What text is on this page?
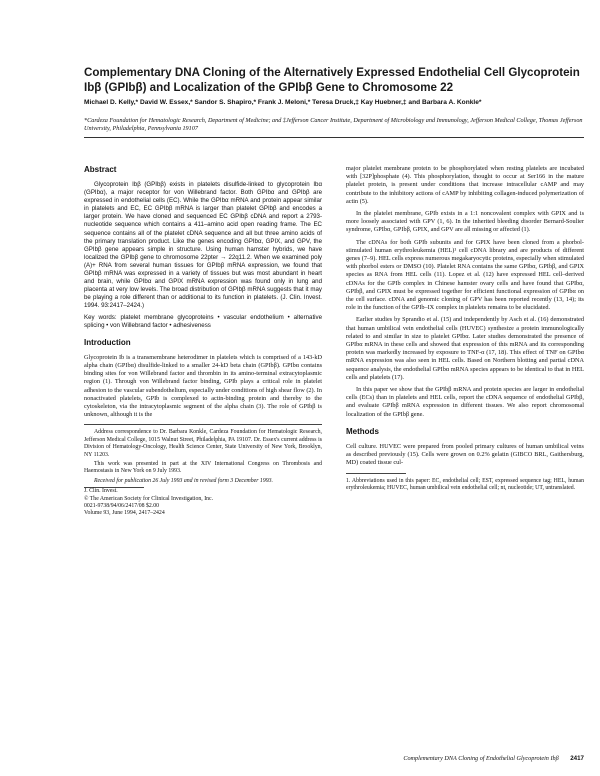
Complementary DNA Cloning of the Alternatively Expressed Endothelial Cell Glycoprotein Ibβ (GPIbβ) and Localization of the GPIbβ Gene to Chromosome 22
Michael D. Kelly,* David W. Essex,* Sandor S. Shapiro,* Frank J. Meloni,* Teresa Druck,‡ Kay Huebner,‡ and Barbara A. Konkle*
*Cardeza Foundation for Hematologic Research, Department of Medicine; and ‡Jefferson Cancer Institute, Department of Microbiology and Immunology, Jefferson Medical College, Thomas Jefferson University, Philadelphia, Pennsylvania 19107
Abstract

Glycoprotein Ibβ (GPIbβ) exists in platelets disulfide-linked to glycoprotein Ibα (GPIbα), a major receptor for von Willebrand factor. Both GPIbα and GPIbβ are expressed in endothelial cells (EC). While the GPIbα mRNA and protein appear similar in platelets and EC, EC GPIbβ mRNA is larger than platelet GPIbβ and encodes a larger protein. We have cloned and sequenced EC GPIbβ cDNA and report a 2793-nucleotide sequence which contains a 411–amino acid open reading frame. The EC sequence contains all of the platelet cDNA sequence and all but three amino acids of the primary translation product. Like the genes encoding GPIbα, GPIX, and GPV, the GPIbβ gene appears simple in structure. Using human hamster hybrids, we have localized the GPIbβ gene to chromosome 22pter → 22q11.2. When we examined poly (A)+ RNA from several human tissues for GPIbβ mRNA expression, we found that GPIbβ mRNA was expressed in a variety of tissues but was most abundant in heart and brain, while GPIbα and GPIX mRNA expression was found only in lung and placenta at very low levels. The broad distribution of GPIbβ mRNA suggests that it may be playing a role different than or additional to its function in platelets. (J. Clin. Invest. 1994. 93:2417–2424.)

Key words: platelet membrane glycoproteins • vascular endothelium • alternative splicing • von Willebrand factor • adhesiveness

Introduction

Glycoprotein Ib is a transmembrane heterodimer in platelets which is comprised of a 143-kD alpha chain (GPIbα) disulfide-linked to a smaller 24-kD beta chain (GPIbβ). GPIbα contains binding sites for von Willebrand factor and thrombin in its amino-terminal extracytoplasmic region (1). Through von Willebrand factor binding, GPIb plays a critical role in platelet adhesion to the vascular subendothelium, especially under conditions of high shear flow (2). In nonactivated platelets, GPIb is complexed to actin-binding protein and thereby to the cytoskeleton, via the intracytoplasmic segment of the alpha chain (3). The role of GPIbβ is unknown, although it is the

Address correspondence to Dr. Barbara Konkle, Cardeza Foundation for Hematologic Research, Jefferson Medical College, 1015 Walnut Street, Philadelphia, PA 19107. Dr. Essex's current address is Division of Hematology-Oncology, Health Science Center, State University of New York, Brooklyn, NY 11203.

This work was presented in part at the XIV International Congress on Thrombosis and Haemostasis in New York on 9 July 1993.

Received for publication 26 July 1993 and in revised form 3 December 1993.

J. Clin. Invest.
© The American Society for Clinical Investigation, Inc.
0021-9738/94/06/2417/08 $2.00
Volume 93, June 1994, 2417–2424

major platelet membrane protein to be phosphorylated when resting platelets are incubated with [32P]phosphate (4). This phosphorylation, thought to occur at Ser166 in the mature platelet protein, is present under conditions that increase intracellular cAMP and may contribute to the inhibitory actions of cAMP by inhibiting collagen-induced polymerization of actin (5).

In the platelet membrane, GPIb exists in a 1:1 noncovalent complex with GPIX and is more loosely associated with GPV (1, 6). In the inherited bleeding disorder Bernard-Soulier syndrome, GPIbα, GPIbβ, GPIX, and GPV are all missing or affected (1).

The cDNAs for both GPIb subunits and for GPIX have been cloned from a phorbol-stimulated human erythroleukemia (HEL)¹ cell cDNA library and are products of different genes (7–9). HEL cells express numerous megakaryocytic proteins, especially when stimulated with phorbol esters or DMSO (10). Platelet RNA contains the same GPIbα, GPIbβ, and GPIX species as RNA from HEL cells (11). Lopez et al. (12) have expressed HEL cell–derived cDNAs for the GPIb complex in Chinese hamster ovary cells and have found that GPIbα, GPIbβ, and GPIX must be expressed together for efficient functional expression of GPIbα on the cell surface. cDNA and genomic cloning of GPV has been reported recently (13, 14); its role in the function of the GPIb–IX complex in platelets remains to be elucidated.

Earlier studies by Sprandio et al. (15) and independently by Asch et al. (16) demonstrated that human umbilical vein endothelial cells (HUVEC) synthesize a protein immunologically related to and similar in size to platelet GPIbα. Later studies demonstrated the presence of GPIbα mRNA in these cells and showed that expression of this mRNA and its corresponding protein was markedly increased by exposure to TNF-α (17, 18). This effect of TNF on GPIbα mRNA expression was also seen in HEL cells. Based on Northern blotting and partial cDNA sequence analysis, the endothelial GPIbα mRNA species appears to be identical to that in HEL cells and platelets (17).

In this paper we show that the GPIbβ mRNA and protein species are larger in endothelial cells (ECs) than in platelets and HEL cells, report the cDNA sequence of endothelial GPIbβ, and evaluate GPIbβ mRNA expression in different tissues. We also report chromosomal localization of the GPIbβ gene.

Methods

Cell culture. HUVEC were prepared from pooled primary cultures of human umbilical veins as described previously (15). Cells were grown on 0.2% gelatin (GIBCO BRL, Gaithersburg, MD) coated tissue cul-

1. Abbreviations used in this paper: EC, endothelial cell; EST, expressed sequence tag; HEL, human erythroleukemia; HUVEC, human umbilical vein endothelial cell; nt, nucleotide; UT, untranslated.
Complementary DNA Cloning of Endothelial Glycoprotein Ibβ 2417
